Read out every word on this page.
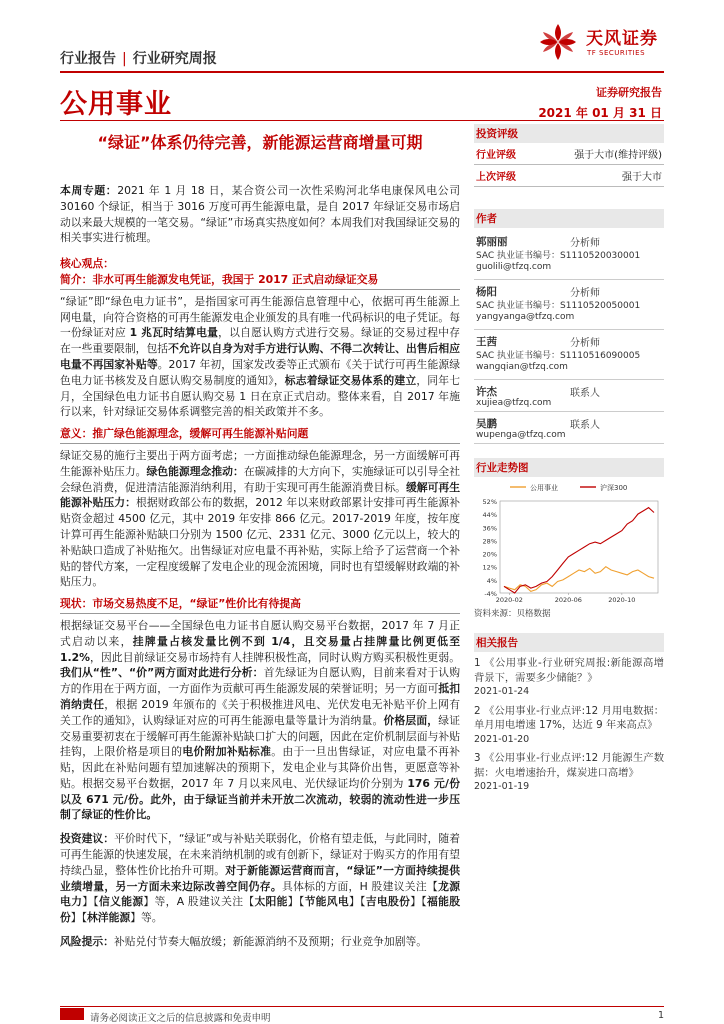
行业报告 | 行业研究周报
天风证券
TF SECURITIES
公用事业	证券研究报告
2021 年 01 月 31 日
“绿证”体系仍待完善，新能源运营商增量可期

本周专题：2021 年 1 月 18 日，某合资公司一次性采购河北华电康保风电公司 30160 个绿证，相当于 3016 万度可再生能源电量，是自 2017 年绿证交易市场启动以来最大规模的一笔交易。“绿证”市场真实热度如何？本周我们对我国绿证交易的相关事实进行梳理。

核心观点：
简介：非水可再生能源发电凭证，我国于 2017 正式启动绿证交易

“绿证”即“绿色电力证书”，是指国家可再生能源信息管理中心，依据可再生能源上网电量，向符合资格的可再生能源发电企业颁发的具有唯一代码标识的电子凭证。每一份绿证对应 1 兆瓦时结算电量，以自愿认购方式进行交易。绿证的交易过程中存在一些重要限制，包括不允许以自身为对手方进行认购、不得二次转让、出售后相应电量不再国家补贴等。2017 年初，国家发改委等正式颁布《关于试行可再生能源绿色电力证书核发及自愿认购交易制度的通知》，标志着绿证交易体系的建立，同年七月，全国绿色电力证书自愿认购交易 1 日在京正式启动。整体来看，自 2017 年施行以来，针对绿证交易体系调整完善的相关政策并不多。

意义：推广绿色能源理念，缓解可再生能源补贴问题

绿证交易的施行主要出于两方面考虑；一方面推动绿色能源理念，另一方面缓解可再生能源补贴压力。绿色能源理念推动：在碳减排的大方向下，实施绿证可以引导全社会绿色消费，促进清洁能源消纳利用，有助于实现可再生能源消费目标。缓解可再生能源补贴压力：根据财政部公布的数据，2012 年以来财政部累计安排可再生能源补贴资金超过 4500 亿元，其中 2019 年安排 866 亿元。2017-2019 年度，按年度计算可再生能源补贴缺口分别为 1500 亿元、2331 亿元、3000 亿元以上，较大的补贴缺口造成了补贴拖欠。出售绿证对应电量不再补贴，实际上给予了运营商一个补贴的替代方案，一定程度缓解了发电企业的现金流困境，同时也有望缓解财政端的补贴压力。

现状：市场交易热度不足，“绿证”性价比有待提高

根据绿证交易平台——全国绿色电力证书自愿认购交易平台数据，2017 年 7 月正式启动以来，挂牌量占核发量比例不到 1/4，且交易量占挂牌量比例更低至 1.2%，因此目前绿证交易市场持有人挂牌积极性高，同时认购方购买积极性更弱。我们从“性”、“价”两方面对此进行分析：首先绿证为自愿认购，目前来看对于认购方的作用在于两方面，一方面作为贡献可再生能源发展的荣誉证明；另一方面可抵扣消纳责任，根据 2019 年颁布的《关于积极推进风电、光伏发电无补贴平价上网有关工作的通知》，认购绿证对应的可再生能源电量等量计为消纳量。价格层面，绿证交易重要初衷在于缓解可再生能源补贴缺口扩大的问题，因此在定价机制层面与补贴挂钩，上限价格是项目的电价附加补贴标准。由于一旦出售绿证，对应电量不再补贴，因此在补贴问题有望加速解决的预期下，发电企业与其降价出售，更愿意等补贴。根据交易平台数据，2017 年 7 月以来风电、光伏绿证均价分别为 176 元/份以及 671 元/份。此外，由于绿证当前并未开放二次流动，较弱的流动性进一步压制了绿证的性价比。

投资建议：平价时代下，“绿证”或与补贴关联弱化，价格有望走低，与此同时，随着可再生能源的快速发展，在未来消纳机制的或有创新下，绿证对于购买方的作用有望持续凸显，整体性价比抬升可期。对于新能源运营商而言，“绿证”一方面持续提供业绩增量，另一方面未来边际改善空间仍存。具体标的方面，H 股建议关注【龙源电力】【信义能源】等，A 股建议关注【太阳能】【节能风电】【吉电股份】【福能股份】【林洋能源】等。

风险提示：补贴兑付节奏大幅放缓；新能源消纳不及预期；行业竞争加剧等。

投资评级
行业评级	强于大市(维持评级)
上次评级	强于大市
作者
郭丽丽	分析师
SAC 执业证书编号：S1110520030001
guolili@tfzq.com
杨阳	分析师
SAC 执业证书编号：S1110520050001
yangyanga@tfzq.com
王茜	分析师
SAC 执业证书编号：S1110516090005
wangqian@tfzq.com
许杰	联系人
xujiea@tfzq.com
吴鹏	联系人
wupenga@tfzq.com
行业走势图
52%
44%
36%
28%
20%
12%
4%
-4%
2020-02	2020-06	2020-10
公用事业	沪深300
资料来源：贝格数据
相关报告
1 《公用事业-行业研究周报:新能源高增背景下，需要多少储能？》
2021-01-24
2 《公用事业-行业点评:12 月用电数据：单月用电增速 17%，达近 9 年来高点》
2021-01-20
3 《公用事业-行业点评:12 月能源生产数据：火电增速抬升，煤炭进口高增》
2021-01-19
请务必阅读正文之后的信息披露和免责申明	1
